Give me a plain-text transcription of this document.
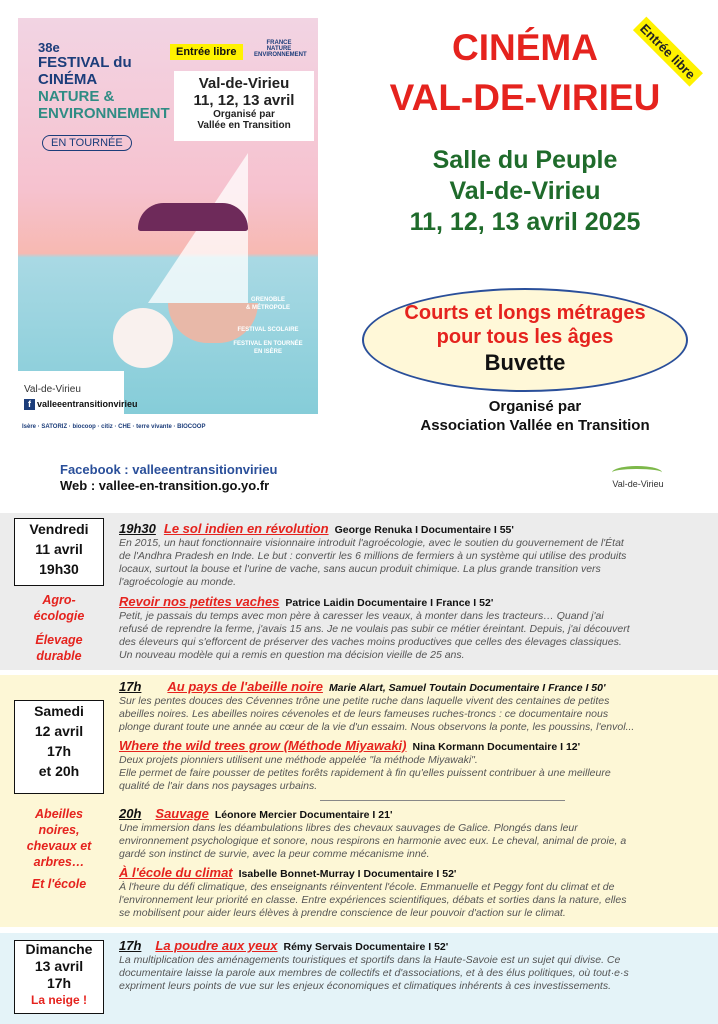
38e
FESTIVAL du
CINÉMA
NATURE &
ENVIRONNEMENT
EN TOURNÉE
Entrée libre
FRANCE NATURE ENVIRONNEMENT
Val-de-Virieu
11, 12, 13 avril
Organisé par
Vallée en Transition
GRENOBLE
& MÉTROPOLE
FESTIVAL SCOLAIRE
FESTIVAL EN TOURNÉE
EN ISÈRE
Val-de-Virieu
f valleeentransitionvirieu
Isère · SATORIZ · biocoop · citiz · CHE · terre vivante · BIOCOOP
CINÉMA
VAL-DE-VIRIEU
Entrée libre
Salle du Peuple
Val-de-Virieu
11, 12, 13 avril 2025
Courts et longs métrages
pour tous les âges
Buvette
Organisé par
Association Vallée en Transition
Facebook : valleeentransitionvirieu
Web : vallee-en-transition.go.yo.fr	Val-de-Virieu
Vendredi
11 avril
19h30
Agro-
écologie
Élevage
durable
19h30 Le sol indien en révolution George Renuka I Documentaire I 55'
En 2015, un haut fonctionnaire visionnaire introduit l'agroécologie, avec le soutien du gouvernement de l'État
de l'Andhra Pradesh en Inde. Le but : convertir les 6 millions de fermiers à un système qui utilise des produits
locaux, surtout la bouse et l'urine de vache, sans aucun produit chimique. La plus grande transition vers
l'agroécologie au monde.
Revoir nos petites vaches Patrice Laidin Documentaire I France I 52'
Petit, je passais du temps avec mon père à caresser les veaux, à monter dans les tracteurs… Quand j'ai
refusé de reprendre la ferme, j'avais 15 ans. Je ne voulais pas subir ce métier éreintant. Depuis, j'ai découvert
des éleveurs qui s'efforcent de préserver des vaches moins productives que celles des élevages classiques.
Un nouveau modèle qui a remis en question ma décision vieille de 25 ans.
Samedi
12 avril
17h
et 20h
Abeilles
noires,
chevaux et
arbres…
Et l'école
17h Au pays de l'abeille noire Marie Alart, Samuel Toutain Documentaire I France I 50'
Sur les pentes douces des Cévennes trône une petite ruche dans laquelle vivent des centaines de petites
abeilles noires. Les abeilles noires cévenoles et de leurs fameuses ruches-troncs : ce documentaire nous
plonge durant toute une année au cœur de la vie d'un essaim. Nous observons la ponte, les poussins, l'envol...
Where the wild trees grow (Méthode Miyawaki) Nina Kormann Documentaire I 12'
Deux projets pionniers utilisent une méthode appelée "la méthode Miyawaki".
Elle permet de faire pousser de petites forêts rapidement à fin qu'elles puissent contribuer à une meilleure
qualité de l'air dans nos paysages urbains.
20h Sauvage Léonore Mercier Documentaire I 21'
Une immersion dans les déambulations libres des chevaux sauvages de Galice. Plongés dans leur
environnement psychologique et sonore, nous respirons en harmonie avec eux. Le cheval, animal de proie, a
gardé son instinct de survie, avec la peur comme mécanisme inné.
À l'école du climat Isabelle Bonnet-Murray I Documentaire I 52'
À l'heure du défi climatique, des enseignants réinventent l'école. Emmanuelle et Peggy font du climat et de
l'environnement leur priorité en classe. Entre expériences scientifiques, débats et sorties dans la nature, elles
se mobilisent pour aider leurs élèves à prendre conscience de leur pouvoir d'action sur le climat.
Dimanche
13 avril
17h
La neige !
17h La poudre aux yeux Rémy Servais Documentaire I 52'
La multiplication des aménagements touristiques et sportifs dans la Haute-Savoie est un sujet qui divise. Ce
documentaire laisse la parole aux membres de collectifs et d'associations, et à des élus politiques, où tout·e·s
expriment leurs points de vue sur les enjeux économiques et climatiques inhérents à ces investissements.
